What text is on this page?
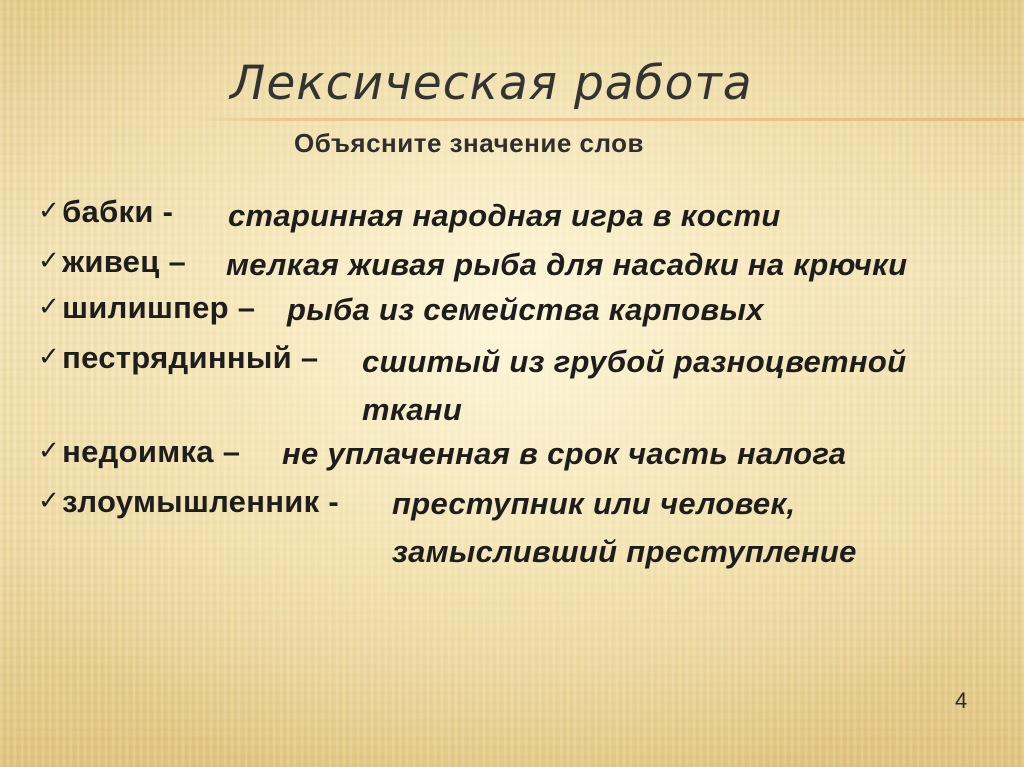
Лексическая работа
Объясните значение слов
✓бабки - старинная народная игра в кости
✓живец – мелкая живая рыба для насадки на крючки
✓шилишпер – рыба из семейства карповых
✓пестрядинный – сшитый из грубой разноцветной
ткани
✓недоимка – не уплаченная в срок часть налога
✓злоумышленник - преступник или человек,
замысливший преступление
4
